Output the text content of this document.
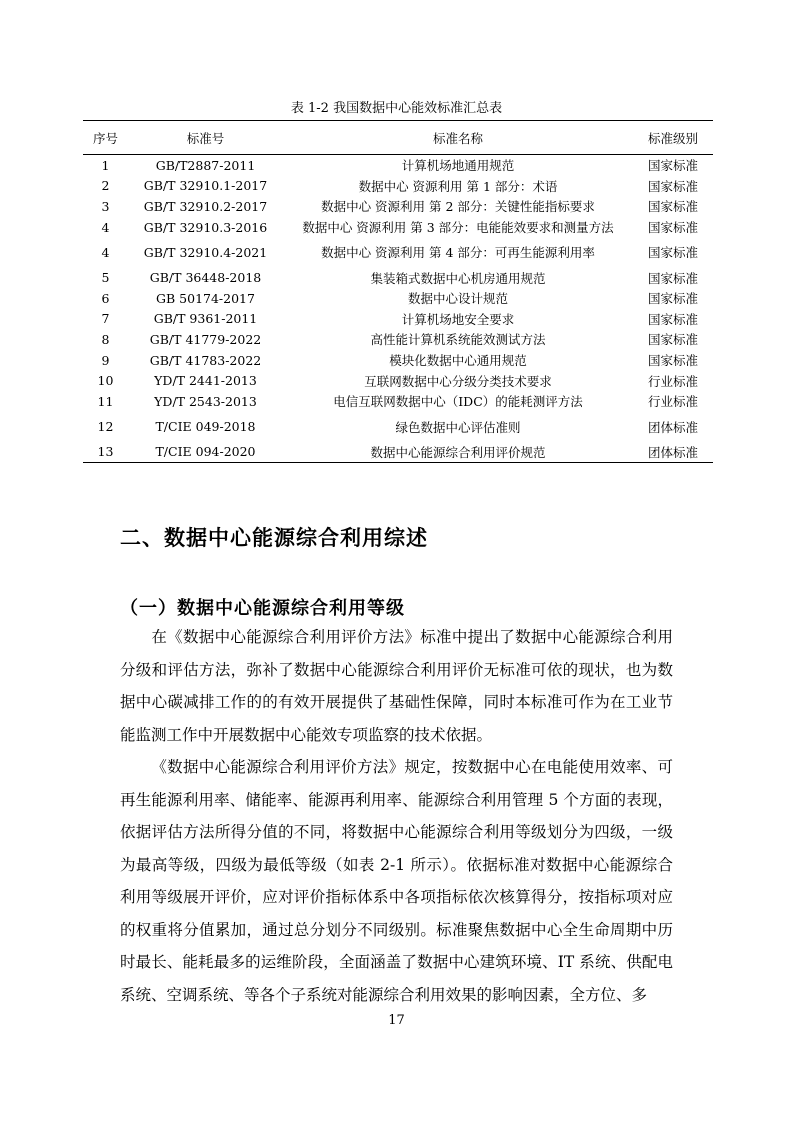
表 1-2 我国数据中心能效标准汇总表
序号	标准号	标准名称	标准级别
1	GB/T2887-2011	计算机场地通用规范	国家标准
2	GB/T 32910.1-2017	数据中心 资源利用 第 1 部分：术语	国家标准
3	GB/T 32910.2-2017	数据中心 资源利用 第 2 部分：关键性能指标要求	国家标准
4	GB/T 32910.3-2016	数据中心 资源利用 第 3 部分：电能能效要求和测量方法	国家标准
4	GB/T 32910.4-2021	数据中心 资源利用 第 4 部分：可再生能源利用率	国家标准
5	GB/T 36448-2018	集装箱式数据中心机房通用规范	国家标准
6	GB 50174-2017	数据中心设计规范	国家标准
7	GB/T 9361-2011	计算机场地安全要求	国家标准
8	GB/T 41779-2022	高性能计算机系统能效测试方法	国家标准
9	GB/T 41783-2022	模块化数据中心通用规范	国家标准
10	YD/T 2441-2013	互联网数据中心分级分类技术要求	行业标准
11	YD/T 2543-2013	电信互联网数据中心（IDC）的能耗测评方法	行业标准
12	T/CIE 049-2018	绿色数据中心评估准则	团体标准
13	T/CIE 094-2020	数据中心能源综合利用评价规范	团体标准
二、数据中心能源综合利用综述
（一）数据中心能源综合利用等级
在《数据中心能源综合利用评价方法》标准中提出了数据中心能源综合利用分级和评估方法，弥补了数据中心能源综合利用评价无标准可依的现状，也为数据中心碳减排工作的的有效开展提供了基础性保障，同时本标准可作为在工业节能监测工作中开展数据中心能效专项监察的技术依据。
《数据中心能源综合利用评价方法》规定，按数据中心在电能使用效率、可再生能源利用率、储能率、能源再利用率、能源综合利用管理 5 个方面的表现，依据评估方法所得分值的不同，将数据中心能源综合利用等级划分为四级，一级为最高等级，四级为最低等级（如表 2-1 所示）。依据标准对数据中心能源综合利用等级展开评价，应对评价指标体系中各项指标依次核算得分，按指标项对应的权重将分值累加，通过总分划分不同级别。标准聚焦数据中心全生命周期中历时最长、能耗最多的运维阶段，全面涵盖了数据中心建筑环境、IT 系统、供配电系统、空调系统、等各个子系统对能源综合利用效果的影响因素，全方位、多
17
